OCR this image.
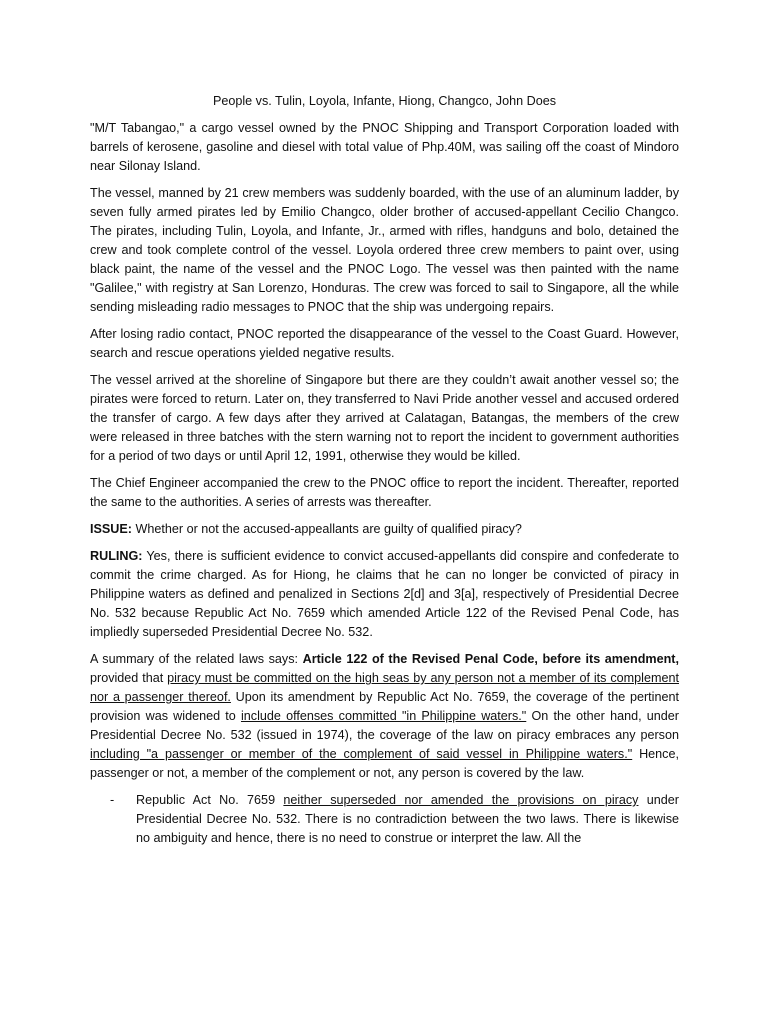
People vs. Tulin, Loyola, Infante, Hiong, Changco, John Does

"M/T Tabangao," a cargo vessel owned by the PNOC Shipping and Transport Corporation loaded with barrels of kerosene, gasoline and diesel with total value of Php.40M, was sailing off the coast of Mindoro near Silonay Island.

The vessel, manned by 21 crew members was suddenly boarded, with the use of an aluminum ladder, by seven fully armed pirates led by Emilio Changco, older brother of accused-appellant Cecilio Changco. The pirates, including Tulin, Loyola, and Infante, Jr., armed with rifles, handguns and bolo, detained the crew and took complete control of the vessel. Loyola ordered three crew members to paint over, using black paint, the name of the vessel and the PNOC Logo. The vessel was then painted with the name "Galilee," with registry at San Lorenzo, Honduras. The crew was forced to sail to Singapore, all the while sending misleading radio messages to PNOC that the ship was undergoing repairs.

After losing radio contact, PNOC reported the disappearance of the vessel to the Coast Guard. However, search and rescue operations yielded negative results.

The vessel arrived at the shoreline of Singapore but there are they couldn’t await another vessel so; the pirates were forced to return. Later on, they transferred to Navi Pride another vessel and accused ordered the transfer of cargo. A few days after they arrived at Calatagan, Batangas, the members of the crew were released in three batches with the stern warning not to report the incident to government authorities for a period of two days or until April 12, 1991, otherwise they would be killed.

The Chief Engineer accompanied the crew to the PNOC office to report the incident. Thereafter, reported the same to the authorities. A series of arrests was thereafter.

ISSUE: Whether or not the accused-appeallants are guilty of qualified piracy?

RULING: Yes, there is sufficient evidence to convict accused-appellants did conspire and confederate to commit the crime charged. As for Hiong, he claims that he can no longer be convicted of piracy in Philippine waters as defined and penalized in Sections 2[d] and 3[a], respectively of Presidential Decree No. 532 because Republic Act No. 7659 which amended Article 122 of the Revised Penal Code, has impliedly superseded Presidential Decree No. 532.

A summary of the related laws says: Article 122 of the Revised Penal Code, before its amendment, provided that piracy must be committed on the high seas by any person not a member of its complement nor a passenger thereof. Upon its amendment by Republic Act No. 7659, the coverage of the pertinent provision was widened to include offenses committed "in Philippine waters." On the other hand, under Presidential Decree No. 532 (issued in 1974), the coverage of the law on piracy embraces any person including "a passenger or member of the complement of said vessel in Philippine waters." Hence, passenger or not, a member of the complement or not, any person is covered by the law.

-	Republic Act No. 7659 neither superseded nor amended the provisions on piracy under Presidential Decree No. 532. There is no contradiction between the two laws. There is likewise no ambiguity and hence, there is no need to construe or interpret the law. All the
